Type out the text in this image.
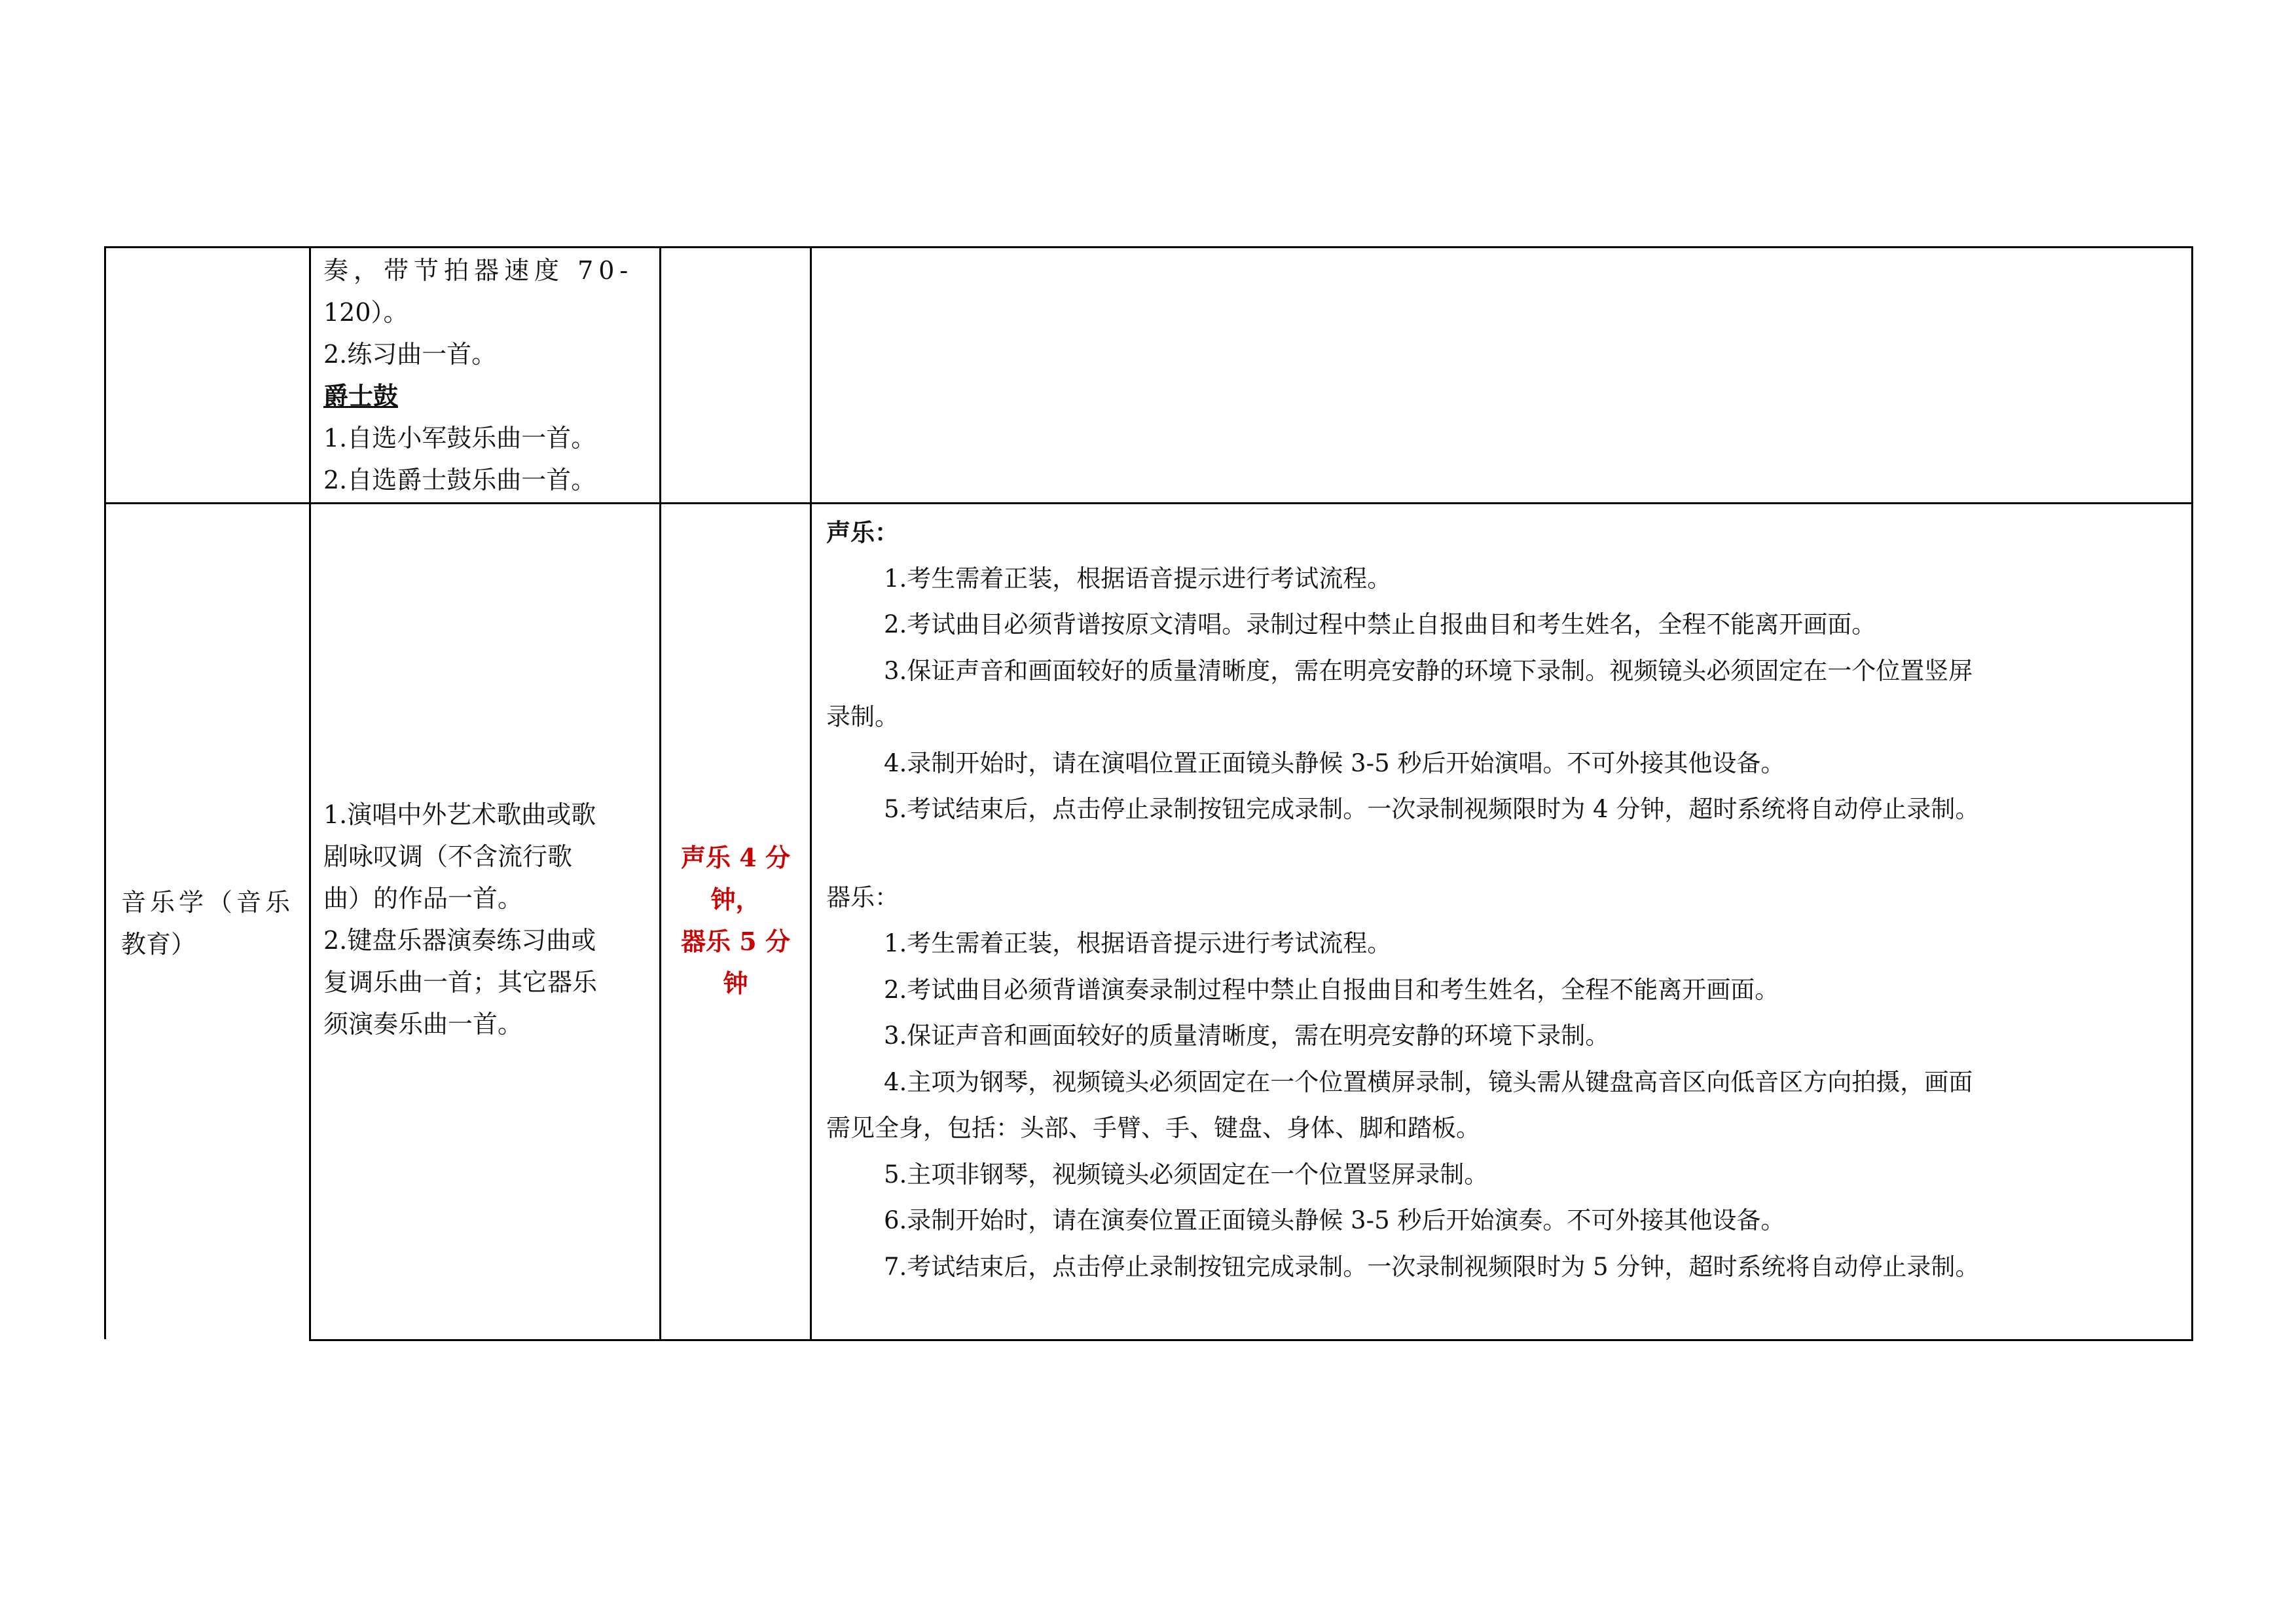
奏，带节拍器速度 70-
120）。
2.练习曲一首。
爵士鼓
1.自选小军鼓乐曲一首。
2.自选爵士鼓乐曲一首。
音乐学（音乐
教育）
1.演唱中外艺术歌曲或歌
剧咏叹调（不含流行歌
曲）的作品一首。
2.键盘乐器演奏练习曲或
复调乐曲一首；其它器乐
须演奏乐曲一首。
声乐 4 分
钟，
器乐 5 分
钟
声乐：
1.考生需着正装，根据语音提示进行考试流程。
2.考试曲目必须背谱按原文清唱。录制过程中禁止自报曲目和考生姓名，全程不能离开画面。
3.保证声音和画面较好的质量清晰度，需在明亮安静的环境下录制。视频镜头必须固定在一个位置竖屏
录制。
4.录制开始时，请在演唱位置正面镜头静候 3-5 秒后开始演唱。不可外接其他设备。
5.考试结束后，点击停止录制按钮完成录制。一次录制视频限时为 4 分钟，超时系统将自动停止录制。
器乐：
1.考生需着正装，根据语音提示进行考试流程。
2.考试曲目必须背谱演奏录制过程中禁止自报曲目和考生姓名，全程不能离开画面。
3.保证声音和画面较好的质量清晰度，需在明亮安静的环境下录制。
4.主项为钢琴，视频镜头必须固定在一个位置横屏录制，镜头需从键盘高音区向低音区方向拍摄，画面
需见全身，包括：头部、手臂、手、键盘、身体、脚和踏板。
5.主项非钢琴，视频镜头必须固定在一个位置竖屏录制。
6.录制开始时，请在演奏位置正面镜头静候 3-5 秒后开始演奏。不可外接其他设备。
7.考试结束后，点击停止录制按钮完成录制。一次录制视频限时为 5 分钟，超时系统将自动停止录制。
